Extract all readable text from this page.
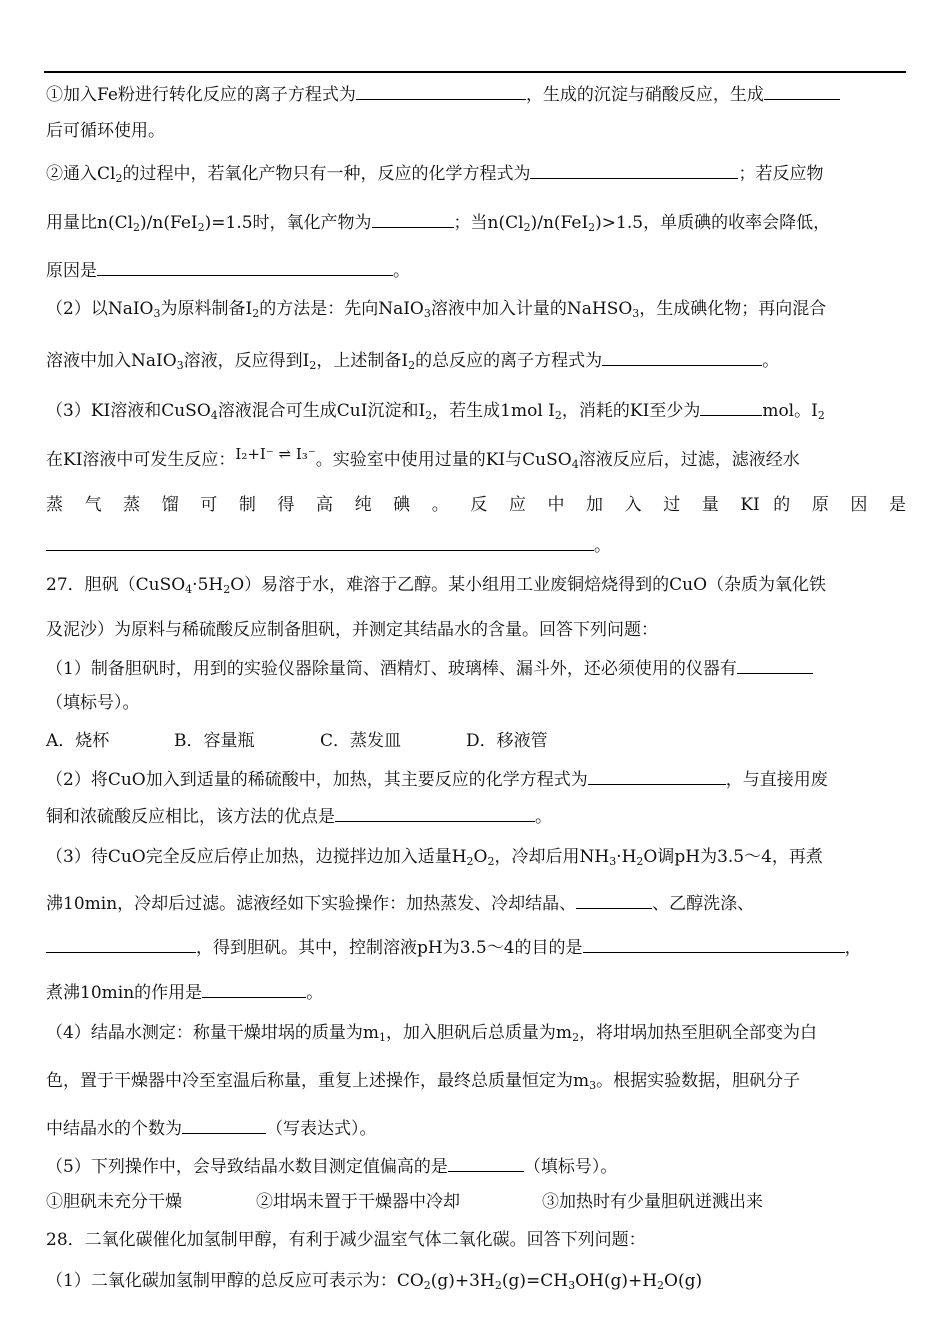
①加入Fe粉进行转化反应的离子方程式为	，生成的沉淀与硝酸反应，生成
后可循环使用。
②通入$Cl_2$的过程中，若氧化产物只有一种，反应的化学方程式为	；若反应物
用量比$n(Cl_2)/n(FeI_2)=1.5$时，氧化产物为	；当$n(Cl_2)/n(FeI_2)>1.5$，单质碘的收率会降低，
原因是	。
（2）以NaIO$_3$为原料制备$I_2$的方法是：先向NaIO$_3$溶液中加入计量的NaHSO$_3$，生成碘化物；再向混合
溶液中加入NaIO$_3$溶液，反应得到$I_2$，上述制备$I_2$的总反应的离子方程式为	。
（3）KI溶液和CuSO$_4$溶液混合可生成CuI沉淀和$I_2$，若生成1mol $I_2$，消耗的KI至少为	mol。$I_2$
在KI溶液中可发生反应：I₂+I⁻ ⇌ I₃⁻。实验室中使用过量的KI与CuSO$_4$溶液反应后，过滤，滤液经水
蒸 气 蒸 馏 可 制 得 高 纯 碘 。 反 应 中 加 入 过 量 KI 的 原 因 是
。
27．胆矾$(CuSO_4\cdot 5H_2O)$易溶于水，难溶于乙醇。某小组用工业废铜焙烧得到的CuO（杂质为氧化铁
及泥沙）为原料与稀硫酸反应制备胆矾，并测定其结晶水的含量。回答下列问题：
（1）制备胆矾时，用到的实验仪器除量筒、酒精灯、玻璃棒、漏斗外，还必须使用的仪器有
（填标号）。
A．烧杯	B．容量瓶	C．蒸发皿	D．移液管
（2）将CuO加入到适量的稀硫酸中，加热，其主要反应的化学方程式为	，与直接用废
铜和浓硫酸反应相比，该方法的优点是	。
（3）待CuO完全反应后停止加热，边搅拌边加入适量$H_2O_2$，冷却后用$NH_3\cdot H_2O$调pH为3.5～4，再煮
沸10min，冷却后过滤。滤液经如下实验操作：加热蒸发、冷却结晶、	、乙醇洗涤、
，得到胆矾。其中，控制溶液pH为3.5～4的目的是	，
煮沸10min的作用是	。
（4）结晶水测定：称量干燥坩埚的质量为$m_1$，加入胆矾后总质量为$m_2$，将坩埚加热至胆矾全部变为白
色，置于干燥器中冷至室温后称量，重复上述操作，最终总质量恒定为$m_3$。根据实验数据，胆矾分子
中结晶水的个数为	（写表达式）。
（5）下列操作中，会导致结晶水数目测定值偏高的是	（填标号）。
①胆矾未充分干燥	②坩埚未置于干燥器中冷却	③加热时有少量胆矾迸溅出来
28．二氧化碳催化加氢制甲醇，有利于减少温室气体二氧化碳。回答下列问题：
（1）二氧化碳加氢制甲醇的总反应可表示为：$CO_2(g)+3H_2(g)=CH_3OH(g)+H_2O(g)$
